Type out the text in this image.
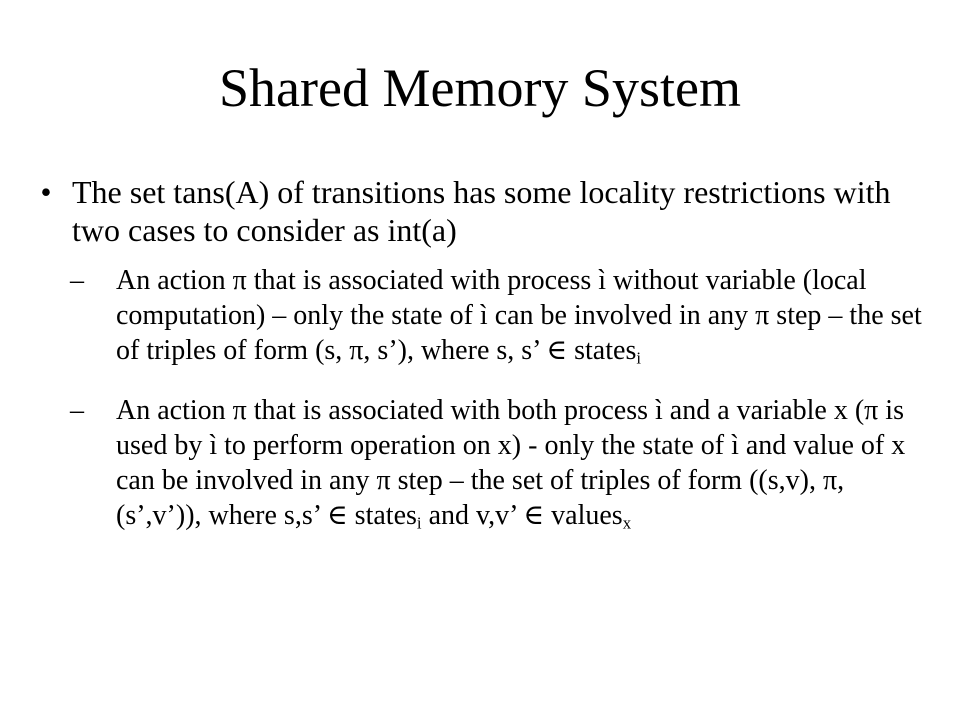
Shared Memory System
• The set tans(A) of transitions has some locality restrictions with two cases to consider as int(a)
– An action π that is associated with process ì without variable (local computation) – only the state of ì can be involved in any π step – the set of triples of form (s, π, s’), where s, s’ ∈ states$_i$
– An action π that is associated with both process ì and a variable x (π is used by ì to perform operation on x) - only the state of ì and value of x can be involved in any π step – the set of triples of form ((s,v), π, (s’,v’)), where s,s’ ∈ states$_i$ and v,v’ ∈ values$_x$
